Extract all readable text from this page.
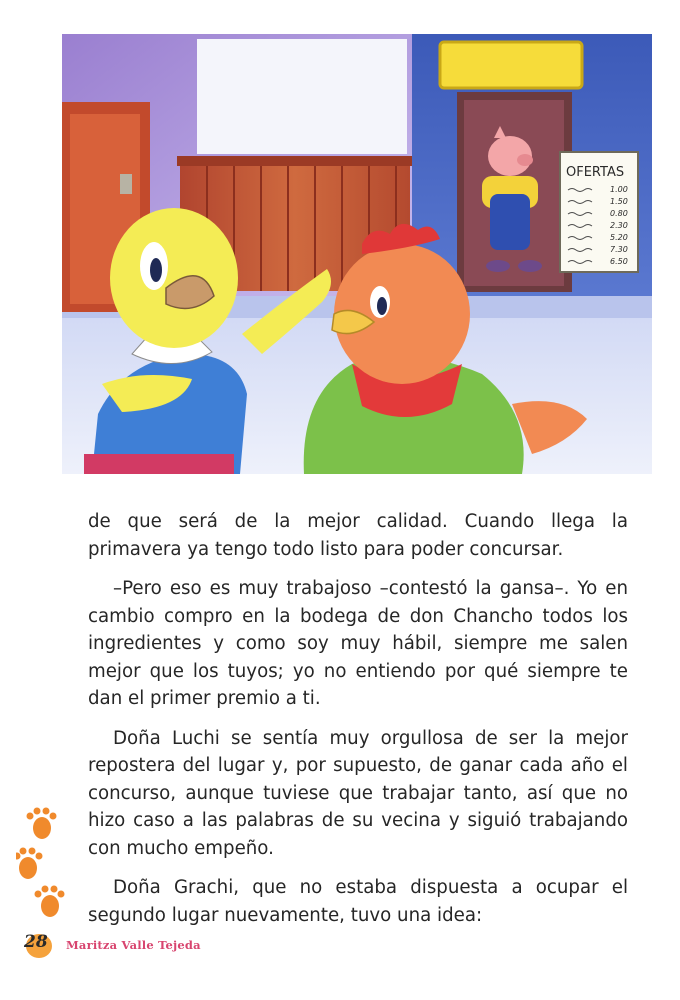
OFERTAS
1.00
1.50
0.80
2.30
5.20
7.30
6.50

de que será de la mejor calidad. Cuando llega la primavera ya tengo todo listo para poder concursar.

–Pero eso es muy trabajoso –contestó la gansa–. Yo en cambio compro en la bodega de don Chancho todos los ingredientes y como soy muy hábil, siempre me salen mejor que los tuyos; yo no entiendo por qué siempre te dan el primer premio a ti.

Doña Luchi se sentía muy orgullosa de ser la mejor repostera del lugar y, por supuesto, de ganar cada año el concurso, aunque tuviese que trabajar tanto, así que no hizo caso a las palabras de su vecina y siguió trabajando con mucho empeño.

Doña Grachi, que no estaba dispuesta a ocupar el segundo lugar nuevamente, tuvo una idea:

28 Maritza Valle Tejeda
